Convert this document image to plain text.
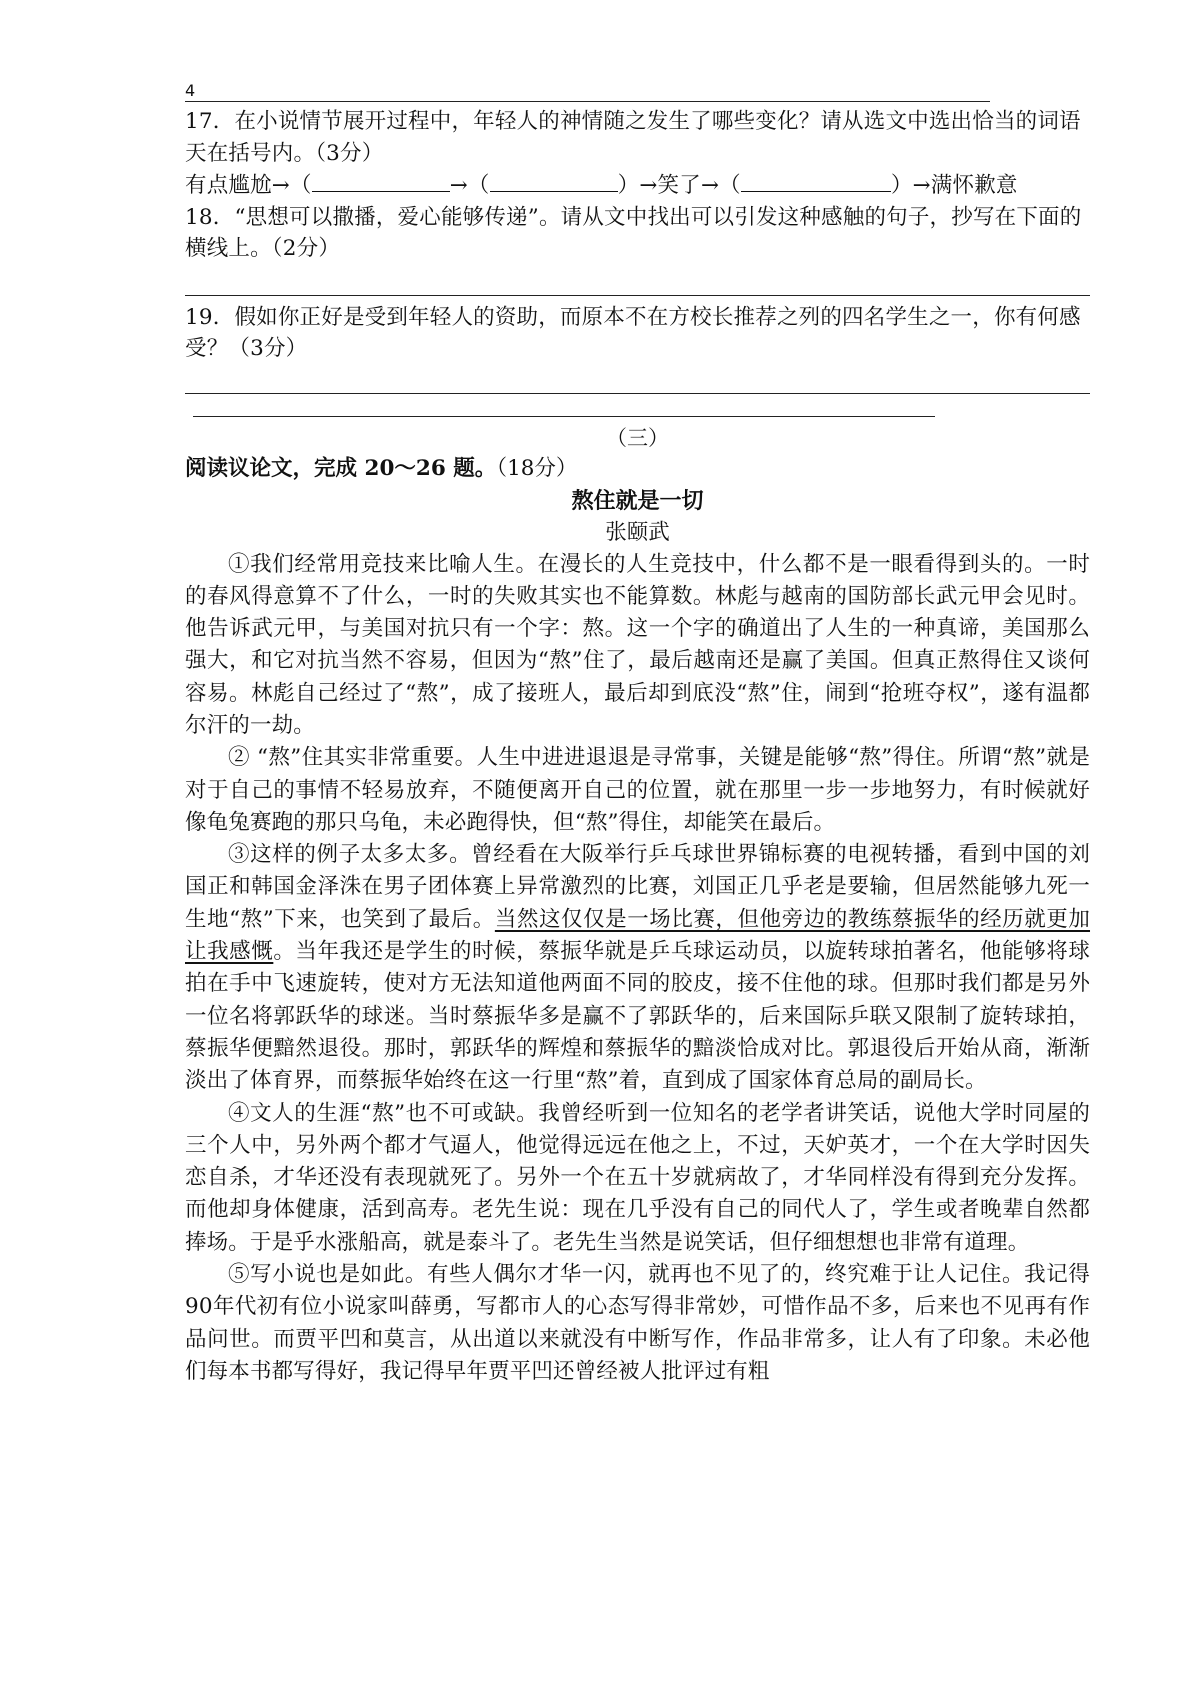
4
17．在小说情节展开过程中，年轻人的神情随之发生了哪些变化？请从选文中选出恰当的词语天在括号内。（3分）
有点尴尬→（	→（	）→笑了→（	）→满怀歉意
18．“思想可以撒播，爱心能够传递”。请从文中找出可以引发这种感触的句子，抄写在下面的横线上。（2分）
19．假如你正好是受到年轻人的资助，而原本不在方校长推荐之列的四名学生之一，你有何感受？（3分）
（三）
阅读议论文，完成 20～26 题。（18分）
熬住就是一切
张颐武
①我们经常用竞技来比喻人生。在漫长的人生竞技中，什么都不是一眼看得到头的。一时的春风得意算不了什么，一时的失败其实也不能算数。林彪与越南的国防部长武元甲会见时。他告诉武元甲，与美国对抗只有一个字：熬。这一个字的确道出了人生的一种真谛，美国那么强大，和它对抗当然不容易，但因为“熬”住了，最后越南还是赢了美国。但真正熬得住又谈何容易。林彪自己经过了“熬”，成了接班人，最后却到底没“熬”住，闹到“抢班夺权”，遂有温都尔汗的一劫。
② “熬”住其实非常重要。人生中进进退退是寻常事，关键是能够“熬”得住。所谓“熬”就是对于自己的事情不轻易放弃，不随便离开自己的位置，就在那里一步一步地努力，有时候就好像龟兔赛跑的那只乌龟，未必跑得快，但“熬”得住，却能笑在最后。
③这样的例子太多太多。曾经看在大阪举行乒乓球世界锦标赛的电视转播，看到中国的刘国正和韩国金泽洙在男子团体赛上异常激烈的比赛，刘国正几乎老是要输，但居然能够九死一生地“熬”下来，也笑到了最后。当然这仅仅是一场比赛，但他旁边的教练蔡振华的经历就更加让我感慨。当年我还是学生的时候，蔡振华就是乒乓球运动员，以旋转球拍著名，他能够将球拍在手中飞速旋转，使对方无法知道他两面不同的胶皮，接不住他的球。但那时我们都是另外一位名将郭跃华的球迷。当时蔡振华多是赢不了郭跃华的，后来国际乒联又限制了旋转球拍，蔡振华便黯然退役。那时，郭跃华的辉煌和蔡振华的黯淡恰成对比。郭退役后开始从商，渐渐淡出了体育界，而蔡振华始终在这一行里“熬”着，直到成了国家体育总局的副局长。
④文人的生涯“熬”也不可或缺。我曾经听到一位知名的老学者讲笑话，说他大学时同屋的三个人中，另外两个都才气逼人，他觉得远远在他之上，不过，天妒英才，一个在大学时因失恋自杀，才华还没有表现就死了。另外一个在五十岁就病故了，才华同样没有得到充分发挥。而他却身体健康，活到高寿。老先生说：现在几乎没有自己的同代人了，学生或者晚辈自然都捧场。于是乎水涨船高，就是泰斗了。老先生当然是说笑话，但仔细想想也非常有道理。
⑤写小说也是如此。有些人偶尔才华一闪，就再也不见了的，终究难于让人记住。我记得90年代初有位小说家叫薛勇，写都市人的心态写得非常妙，可惜作品不多，后来也不见再有作品问世。而贾平凹和莫言，从出道以来就没有中断写作，作品非常多，让人有了印象。未必他们每本书都写得好，我记得早年贾平凹还曾经被人批评过有粗
